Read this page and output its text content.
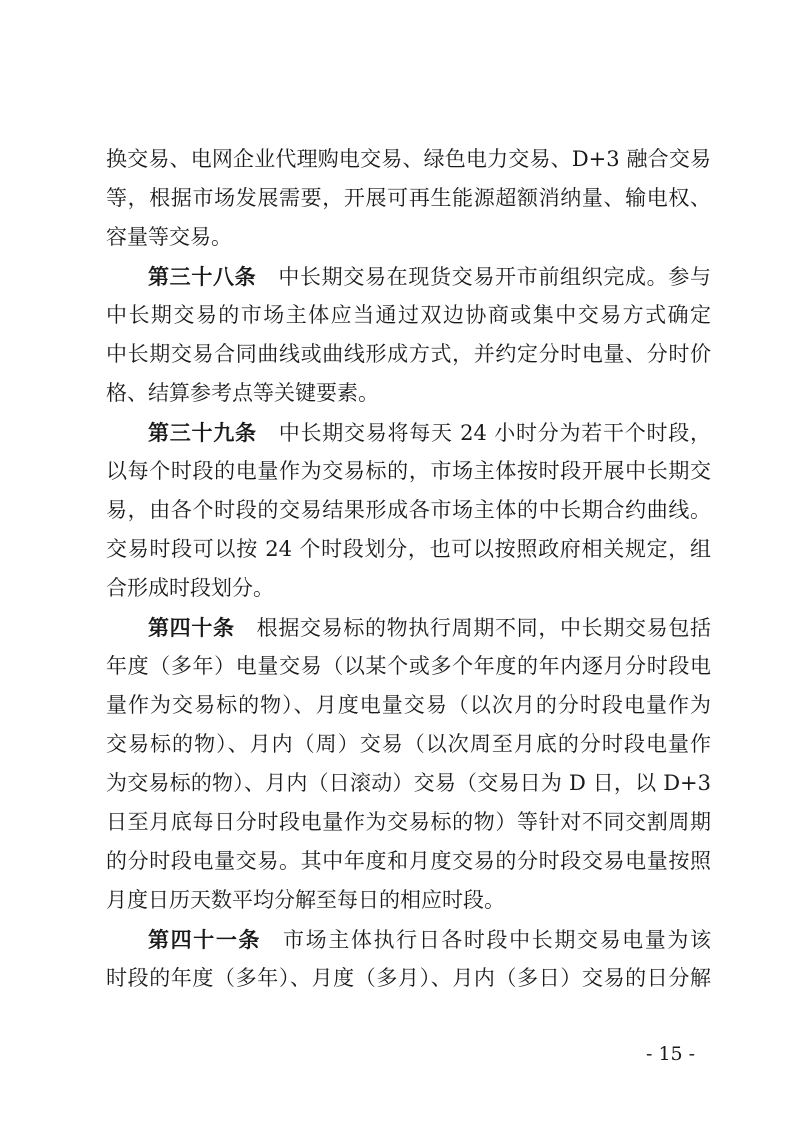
换交易、电网企业代理购电交易、绿色电力交易、D+3 融合交易
等，根据市场发展需要，开展可再生能源超额消纳量、输电权、
容量等交易。
第三十八条 中长期交易在现货交易开市前组织完成。参与
中长期交易的市场主体应当通过双边协商或集中交易方式确定
中长期交易合同曲线或曲线形成方式，并约定分时电量、分时价
格、结算参考点等关键要素。
第三十九条 中长期交易将每天 24 小时分为若干个时段，
以每个时段的电量作为交易标的，市场主体按时段开展中长期交
易，由各个时段的交易结果形成各市场主体的中长期合约曲线。
交易时段可以按 24 个时段划分，也可以按照政府相关规定，组
合形成时段划分。
第四十条 根据交易标的物执行周期不同，中长期交易包括
年度（多年）电量交易（以某个或多个年度的年内逐月分时段电
量作为交易标的物）、月度电量交易（以次月的分时段电量作为
交易标的物）、月内（周）交易（以次周至月底的分时段电量作
为交易标的物）、月内（日滚动）交易（交易日为 D 日，以 D+3
日至月底每日分时段电量作为交易标的物）等针对不同交割周期
的分时段电量交易。其中年度和月度交易的分时段交易电量按照
月度日历天数平均分解至每日的相应时段。
第四十一条 市场主体执行日各时段中长期交易电量为该
时段的年度（多年）、月度（多月）、月内（多日）交易的日分解
- 15 -
